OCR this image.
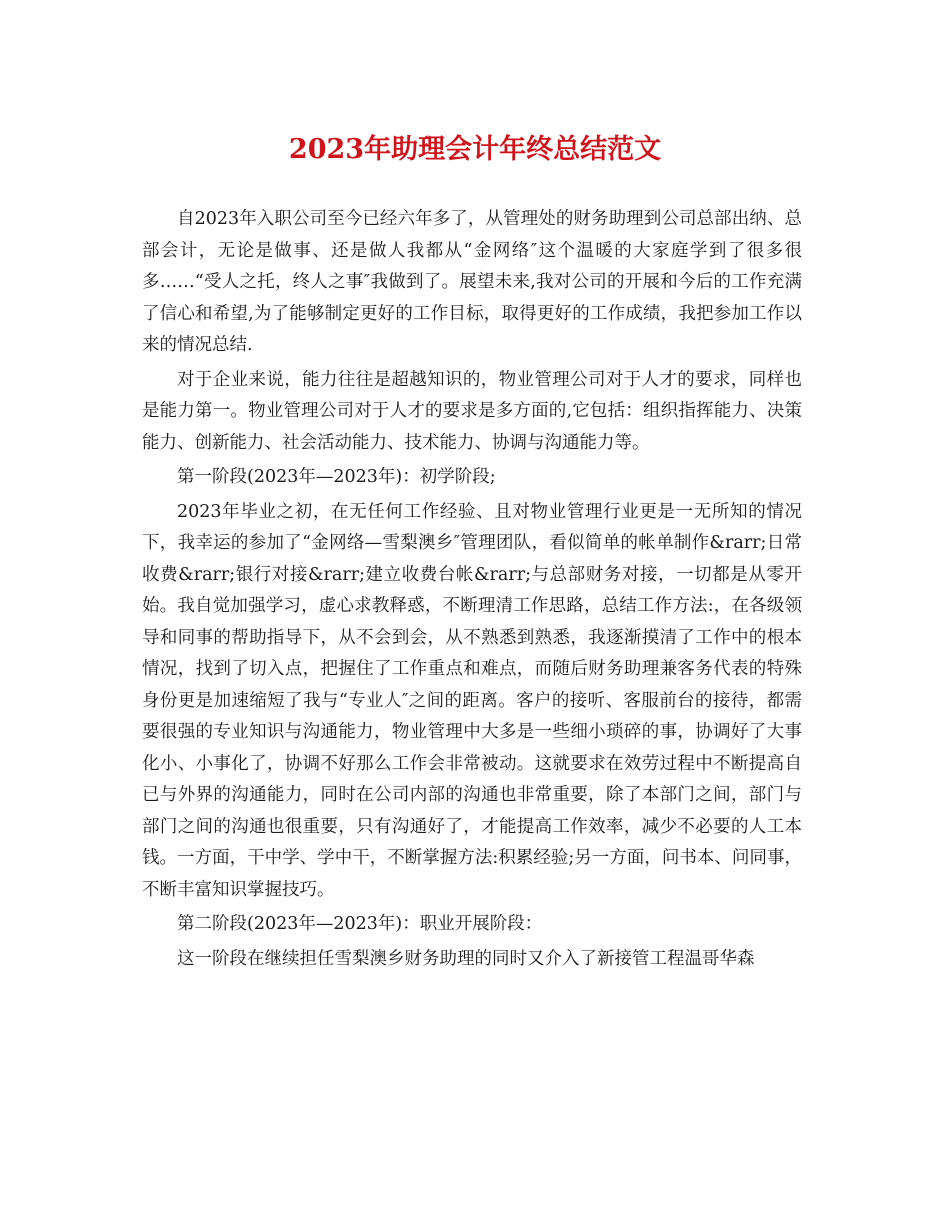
2023年助理会计年终总结范文

自2023年入职公司至今已经六年多了，从管理处的财务助理到公司总部出纳、总部会计，无论是做事、还是做人我都从“金网络″这个温暖的大家庭学到了很多很多……“受人之托，终人之事″我做到了。展望未来,我对公司的开展和今后的工作充满了信心和希望,为了能够制定更好的工作目标，取得更好的工作成绩，我把参加工作以来的情况总结.

对于企业来说，能力往往是超越知识的，物业管理公司对于人才的要求，同样也是能力第一。物业管理公司对于人才的要求是多方面的,它包括：组织指挥能力、决策能力、创新能力、社会活动能力、技术能力、协调与沟通能力等。

第一阶段(2023年—2023年)：初学阶段;

2023年毕业之初，在无任何工作经验、且对物业管理行业更是一无所知的情况下，我幸运的参加了“金网络—雪梨澳乡″管理团队，看似简单的帐单制作&rarr;日常收费&rarr;银行对接&rarr;建立收费台帐&rarr;与总部财务对接，一切都是从零开始。我自觉加强学习，虚心求教释惑，不断理清工作思路，总结工作方法:，在各级领导和同事的帮助指导下，从不会到会，从不熟悉到熟悉，我逐渐摸清了工作中的根本情况，找到了切入点，把握住了工作重点和难点，而随后财务助理兼客务代表的特殊身份更是加速缩短了我与“专业人″之间的距离。客户的接听、客服前台的接待，都需要很强的专业知识与沟通能力，物业管理中大多是一些细小琐碎的事，协调好了大事化小、小事化了，协调不好那么工作会非常被动。这就要求在效劳过程中不断提高自已与外界的沟通能力，同时在公司内部的沟通也非常重要，除了本部门之间，部门与部门之间的沟通也很重要，只有沟通好了，才能提高工作效率，减少不必要的人工本钱。一方面，干中学、学中干，不断掌握方法:积累经验;另一方面，问书本、问同事，不断丰富知识掌握技巧。

第二阶段(2023年—2023年)：职业开展阶段：

这一阶段在继续担任雪梨澳乡财务助理的同时又介入了新接管工程温哥华森
